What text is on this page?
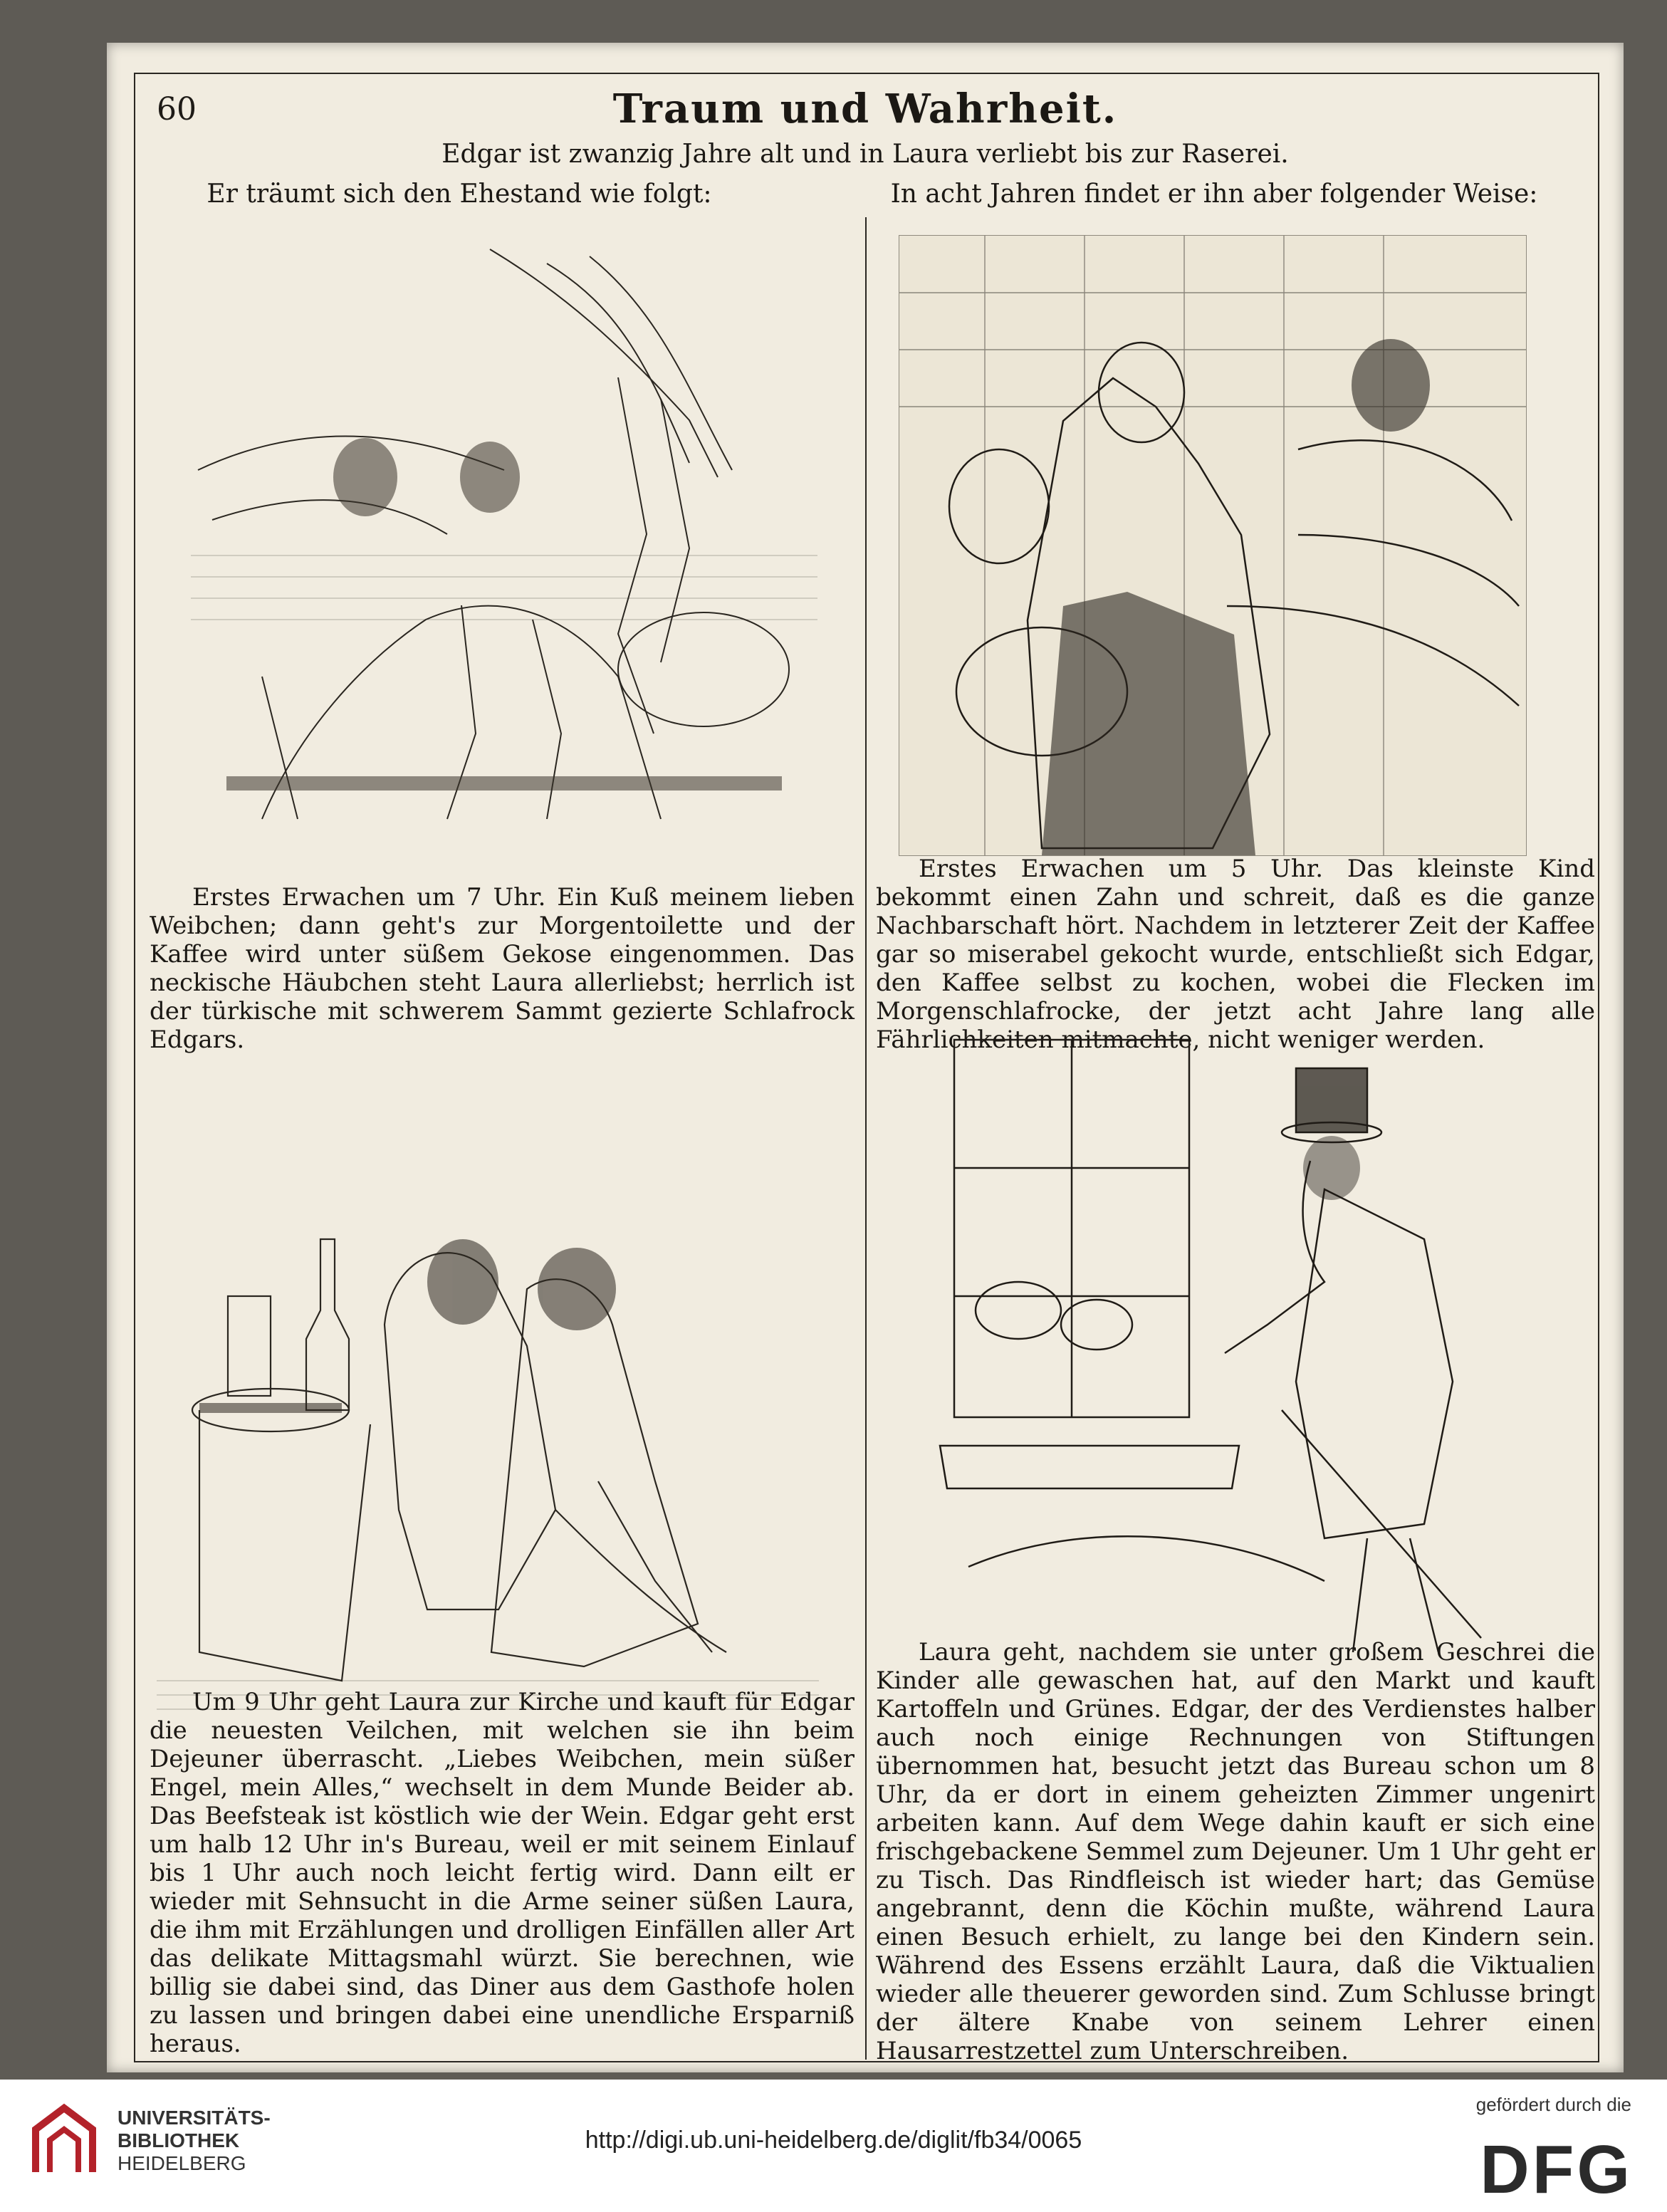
60	Traum und Wahrheit.
Edgar ist zwanzig Jahre alt und in Laura verliebt bis zur Raserei.
Er träumt sich den Ehestand wie folgt:	In acht Jahren findet er ihn aber folgender Weise:
Erstes Erwachen um 7 Uhr. Ein Kuß meinem lieben Weibchen; dann geht's zur Morgentoilette und der Kaffee wird unter süßem Gekose eingenommen. Das neckische Häubchen steht Laura allerliebst; herrlich ist der türkische mit schwerem Sammt gezierte Schlafrock Edgars.
Erstes Erwachen um 5 Uhr. Das kleinste Kind bekommt einen Zahn und schreit, daß es die ganze Nachbarschaft hört. Nachdem in letzterer Zeit der Kaffee gar so miserabel gekocht wurde, entschließt sich Edgar, den Kaffee selbst zu kochen, wobei die Flecken im Morgenschlafrocke, der jetzt acht Jahre lang alle Fährlichkeiten mitmachte, nicht weniger werden.
Um 9 Uhr geht Laura zur Kirche und kauft für Edgar die neuesten Veilchen, mit welchen sie ihn beim Dejeuner überrascht. „Liebes Weibchen, mein süßer Engel, mein Alles,“ wechselt in dem Munde Beider ab. Das Beefsteak ist köstlich wie der Wein. Edgar geht erst um halb 12 Uhr in's Bureau, weil er mit seinem Einlauf bis 1 Uhr auch noch leicht fertig wird. Dann eilt er wieder mit Sehnsucht in die Arme seiner süßen Laura, die ihm mit Erzählungen und drolligen Einfällen aller Art das delikate Mittagsmahl würzt. Sie berechnen, wie billig sie dabei sind, das Diner aus dem Gasthofe holen zu lassen und bringen dabei eine unendliche Ersparniß heraus.
Laura geht, nachdem sie unter großem Geschrei die Kinder alle gewaschen hat, auf den Markt und kauft Kartoffeln und Grünes. Edgar, der des Verdienstes halber auch noch einige Rechnungen von Stiftungen übernommen hat, besucht jetzt das Bureau schon um 8 Uhr, da er dort in einem geheizten Zimmer ungenirt arbeiten kann. Auf dem Wege dahin kauft er sich eine frischgebackene Semmel zum Dejeuner. Um 1 Uhr geht er zu Tisch. Das Rindfleisch ist wieder hart; das Gemüse angebrannt, denn die Köchin mußte, während Laura einen Besuch erhielt, zu lange bei den Kindern sein. Während des Essens erzählt Laura, daß die Viktualien wieder alle theuerer geworden sind. Zum Schlusse bringt der ältere Knabe von seinem Lehrer einen Hausarrestzettel zum Unterschreiben.
UNIVERSITÄTS-
BIBLIOTHEK
HEIDELBERG
http://digi.ub.uni-heidelberg.de/diglit/fb34/0065
gefördert durch die
DFG
